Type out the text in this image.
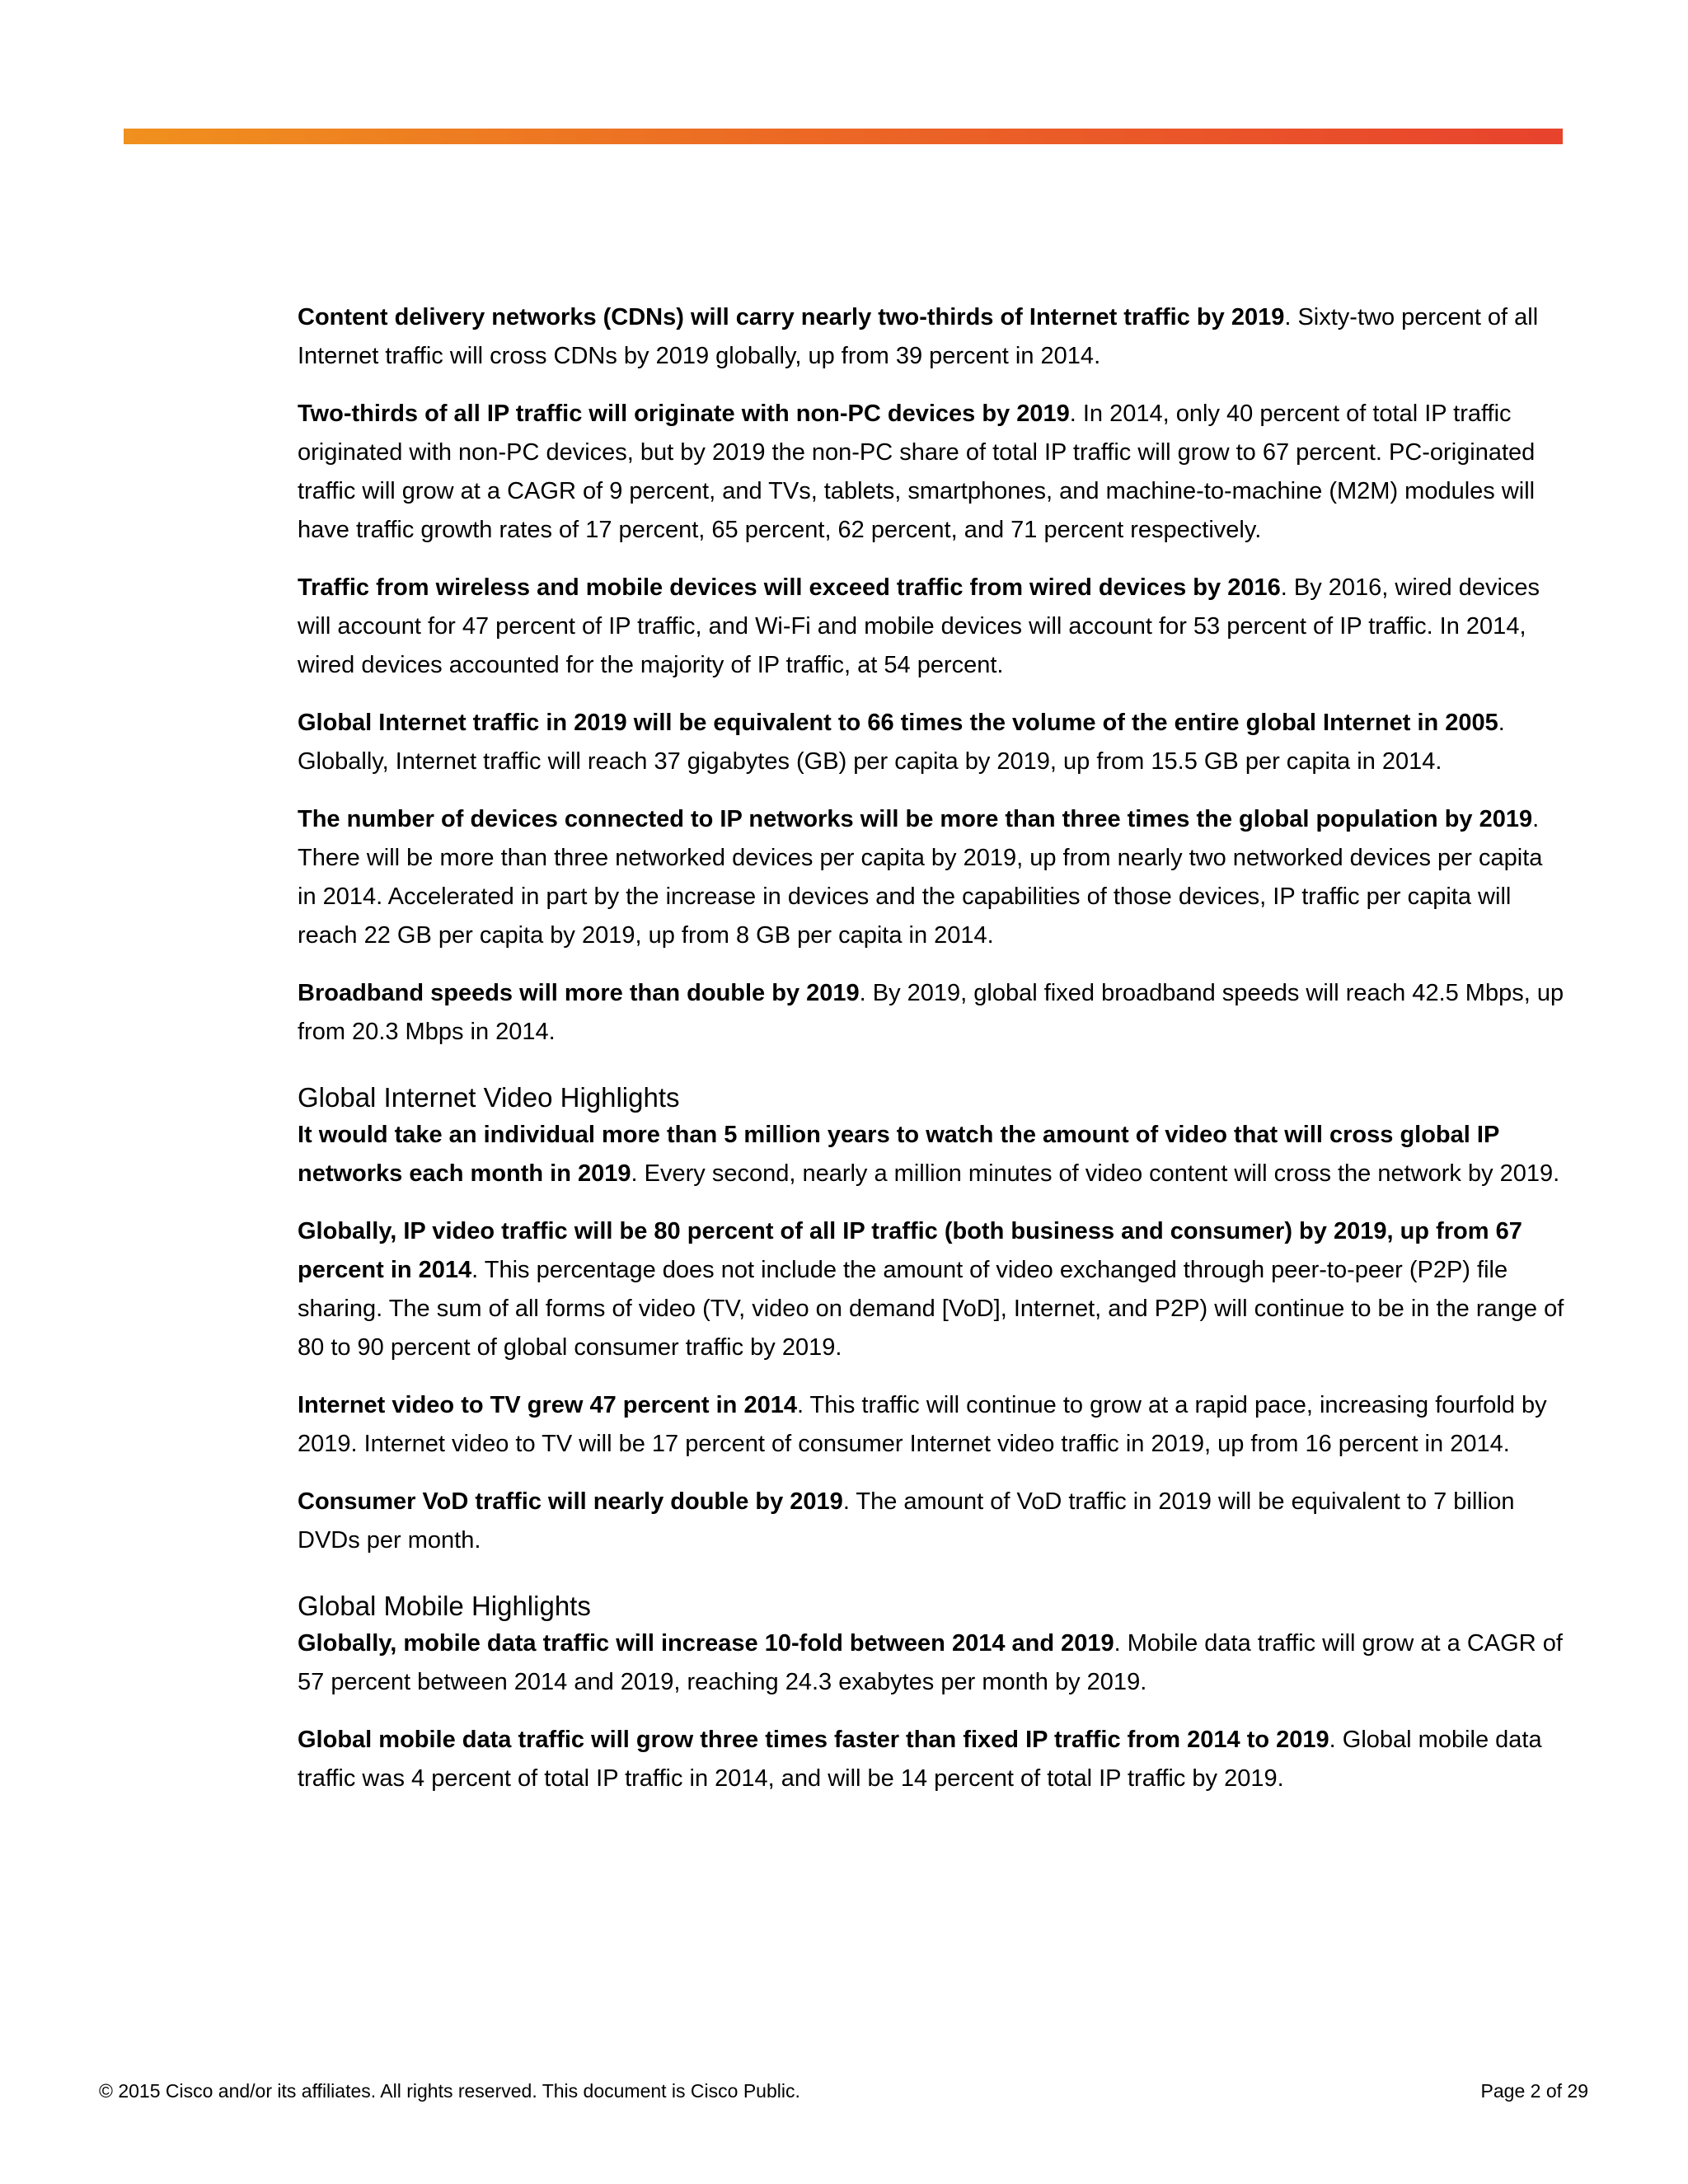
Content delivery networks (CDNs) will carry nearly two-thirds of Internet traffic by 2019. Sixty-two percent of all Internet traffic will cross CDNs by 2019 globally, up from 39 percent in 2014.

Two-thirds of all IP traffic will originate with non-PC devices by 2019. In 2014, only 40 percent of total IP traffic originated with non-PC devices, but by 2019 the non-PC share of total IP traffic will grow to 67 percent. PC-originated traffic will grow at a CAGR of 9 percent, and TVs, tablets, smartphones, and machine-to-machine (M2M) modules will have traffic growth rates of 17 percent, 65 percent, 62 percent, and 71 percent respectively.

Traffic from wireless and mobile devices will exceed traffic from wired devices by 2016. By 2016, wired devices will account for 47 percent of IP traffic, and Wi-Fi and mobile devices will account for 53 percent of IP traffic. In 2014, wired devices accounted for the majority of IP traffic, at 54 percent.

Global Internet traffic in 2019 will be equivalent to 66 times the volume of the entire global Internet in 2005. Globally, Internet traffic will reach 37 gigabytes (GB) per capita by 2019, up from 15.5 GB per capita in 2014.

The number of devices connected to IP networks will be more than three times the global population by 2019. There will be more than three networked devices per capita by 2019, up from nearly two networked devices per capita in 2014. Accelerated in part by the increase in devices and the capabilities of those devices, IP traffic per capita will reach 22 GB per capita by 2019, up from 8 GB per capita in 2014.

Broadband speeds will more than double by 2019. By 2019, global fixed broadband speeds will reach 42.5 Mbps, up from 20.3 Mbps in 2014.

Global Internet Video Highlights

It would take an individual more than 5 million years to watch the amount of video that will cross global IP networks each month in 2019. Every second, nearly a million minutes of video content will cross the network by 2019.

Globally, IP video traffic will be 80 percent of all IP traffic (both business and consumer) by 2019, up from 67 percent in 2014. This percentage does not include the amount of video exchanged through peer-to-peer (P2P) file sharing. The sum of all forms of video (TV, video on demand [VoD], Internet, and P2P) will continue to be in the range of 80 to 90 percent of global consumer traffic by 2019.

Internet video to TV grew 47 percent in 2014. This traffic will continue to grow at a rapid pace, increasing fourfold by 2019. Internet video to TV will be 17 percent of consumer Internet video traffic in 2019, up from 16 percent in 2014.

Consumer VoD traffic will nearly double by 2019. The amount of VoD traffic in 2019 will be equivalent to 7 billion DVDs per month.

Global Mobile Highlights

Globally, mobile data traffic will increase 10-fold between 2014 and 2019. Mobile data traffic will grow at a CAGR of 57 percent between 2014 and 2019, reaching 24.3 exabytes per month by 2019.

Global mobile data traffic will grow three times faster than fixed IP traffic from 2014 to 2019. Global mobile data traffic was 4 percent of total IP traffic in 2014, and will be 14 percent of total IP traffic by 2019.

© 2015 Cisco and/or its affiliates. All rights reserved. This document is Cisco Public.	Page 2 of 29
